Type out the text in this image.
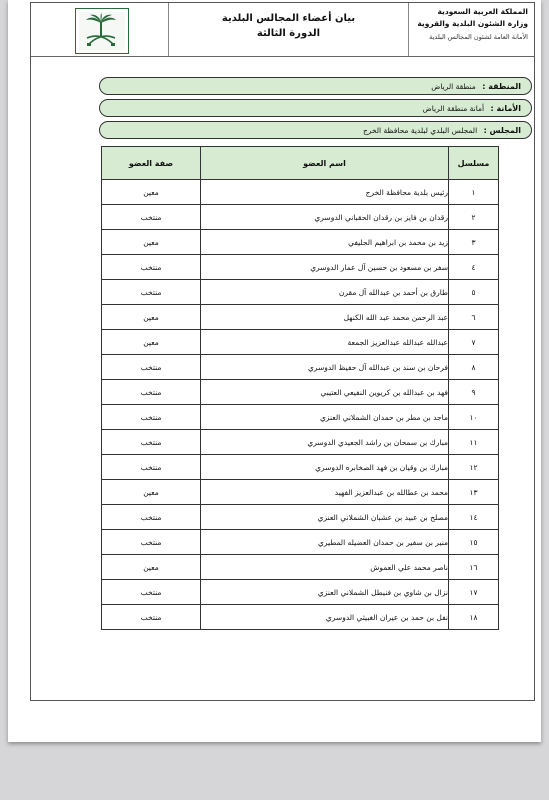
بيان أعضاء المجالس البلدية
الدورة الثالثة
المملكة العربية السعودية
وزارة الشئون البلدية والقروية
الأمانة العامة لشئون المجالس البلدية
المنطقة : منطقة الرياض
الأمانة : أمانة منطقة الرياض
المجلس : المجلس البلدي لبلدية محافظة الخرج
مسلسل	اسم العضو	صفة العضو
١	رئيس بلدية محافظة الخرج	معين
٢	رقدان بن فايز بن رقدان الحقباني الدوسري	منتخب
٣	زيد بن محمد بن ابراهيم الجليفي	معين
٤	سفر بن مسعود بن حسين آل عمار الدوسري	منتخب
٥	طارق بن أحمد بن عبدالله آل مقرن	منتخب
٦	عبد الرحمن محمد عبد الله الكنهل	معين
٧	عبدالله عبدالله عبدالعزيز الجمعة	معين
٨	فرحان بن سند بن عبدالله آل حفيظ الدوسري	منتخب
٩	فهد بن عبدالله بن كريوين النفيعي العتيبي	منتخب
١٠	ماجد بن مطر بن حمدان الشملاني العنزي	منتخب
١١	مبارك بن سمحان بن راشد الجعيدي الدوسري	منتخب
١٢	مبارك بن وقيان بن فهد الصخابره الدوسري	منتخب
١٣	محمد بن عطالله بن عبدالعزيز الفهيد	معين
١٤	مصلح بن عبيد بن عشبان الشملاني العنزي	منتخب
١٥	منير بن سفير بن حمدان العضيله المطيري	منتخب
١٦	ناصر محمد علي العموش	معين
١٧	نزال بن شاوي بن فنيطل الشملاني العنزي	منتخب
١٨	نفل بن حمد بن عيران الغبيثي الدوسري	منتخب
